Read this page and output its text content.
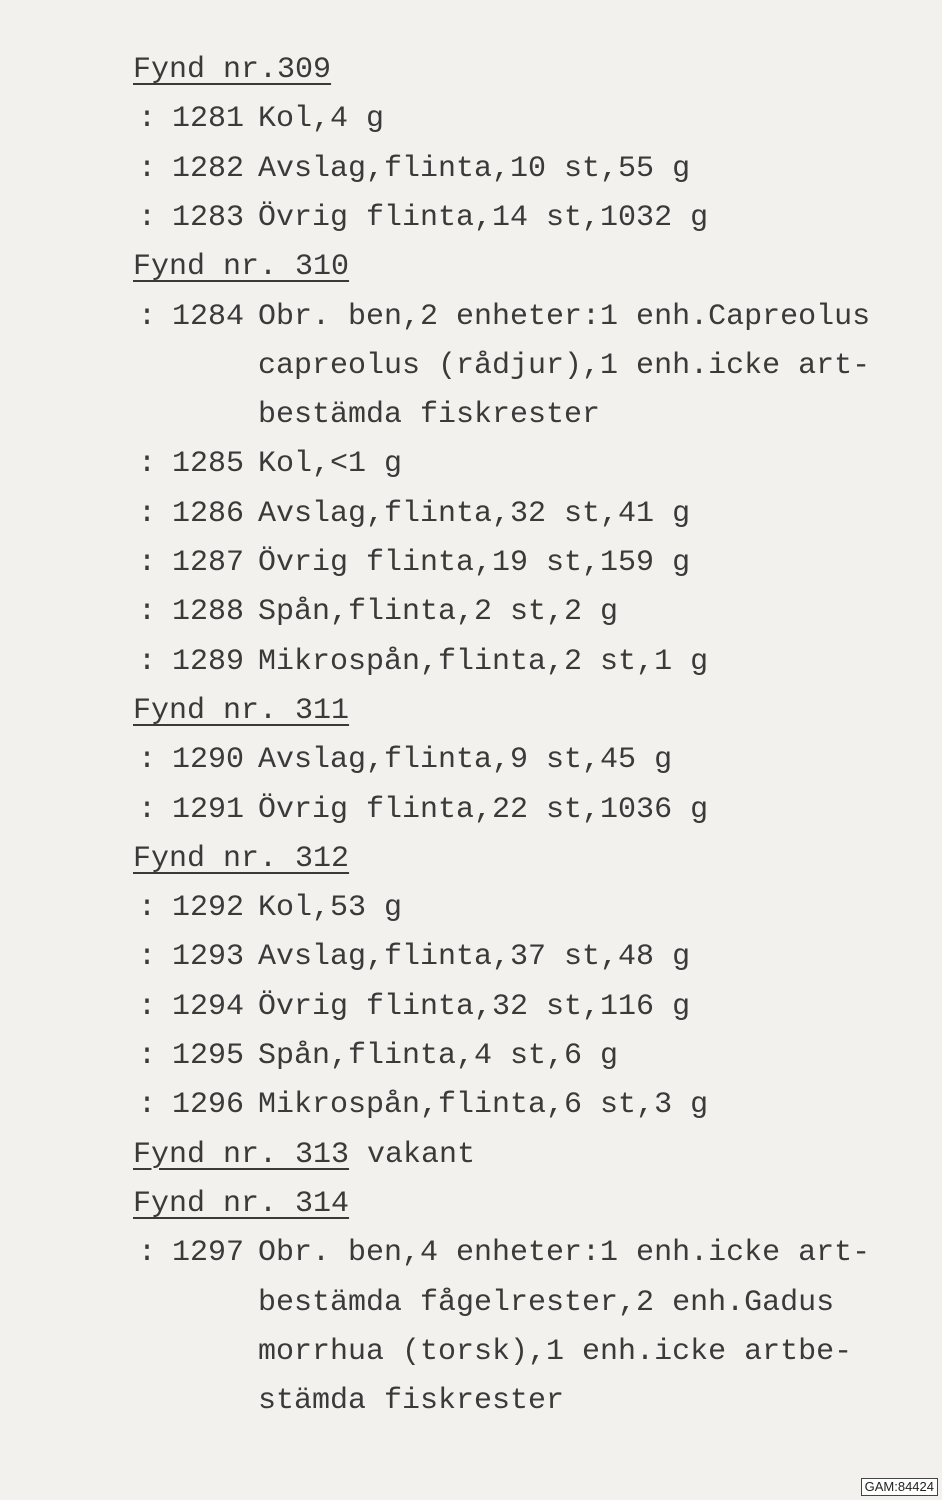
Fynd nr.309
: 1281 Kol,4 g
: 1282 Avslag,flinta,10 st,55 g
: 1283 Övrig flinta,14 st,1032 g
Fynd nr. 310
: 1284 Obr. ben,2 enheter:1 enh.Capreolus
capreolus (rådjur),1 enh.icke art-
bestämda fiskrester
: 1285 Kol,<1 g
: 1286 Avslag,flinta,32 st,41 g
: 1287 Övrig flinta,19 st,159 g
: 1288 Spån,flinta,2 st,2 g
: 1289 Mikrospån,flinta,2 st,1 g
Fynd nr. 311
: 1290 Avslag,flinta,9 st,45 g
: 1291 Övrig flinta,22 st,1036 g
Fynd nr. 312
: 1292 Kol,53 g
: 1293 Avslag,flinta,37 st,48 g
: 1294 Övrig flinta,32 st,116 g
: 1295 Spån,flinta,4 st,6 g
: 1296 Mikrospån,flinta,6 st,3 g
Fynd nr. 313 vakant
Fynd nr. 314
: 1297 Obr. ben,4 enheter:1 enh.icke art-
bestämda fågelrester,2 enh.Gadus
morrhua (torsk),1 enh.icke artbe-
stämda fiskrester
GAM:84424
